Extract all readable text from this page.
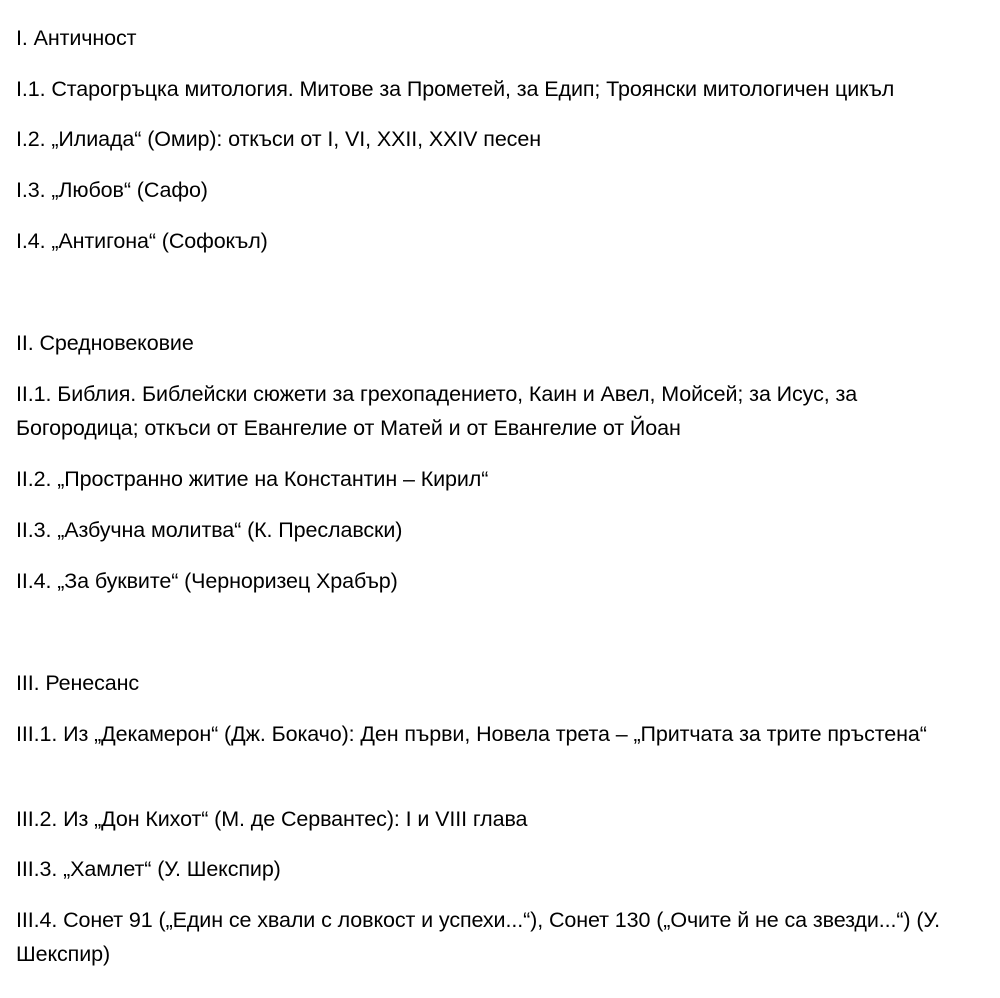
I. Античност
I.1. Старогръцка митология. Митове за Прометей, за Едип; Троянски митологичен цикъл
I.2. „Илиада“ (Омир): откъси от I, VI, XXII, XXIV песен
I.3. „Любов“ (Сафо)
I.4. „Антигона“ (Софокъл)
II. Средновековие
II.1. Библия. Библейски сюжети за грехопадението, Каин и Авел, Мойсей; за Исус, за Богородица; откъси от Евангелие от Матей и от Евангелие от Йоан
II.2. „Пространно житие на Константин – Кирил“
II.3. „Азбучна молитва“ (К. Преславски)
II.4. „За буквите“ (Черноризец Храбър)
III. Ренесанс
III.1. Из „Декамерон“ (Дж. Бокачо): Ден първи, Новела трета – „Притчата за трите пръстена“
III.2. Из „Дон Кихот“ (М. де Сервантес): I и VIII глава
III.3. „Хамлет“ (У. Шекспир)
III.4. Сонет 91 („Един се хвали с ловкост и успехи...“), Сонет 130 („Очите й не са звезди...“) (У. Шекспир)
